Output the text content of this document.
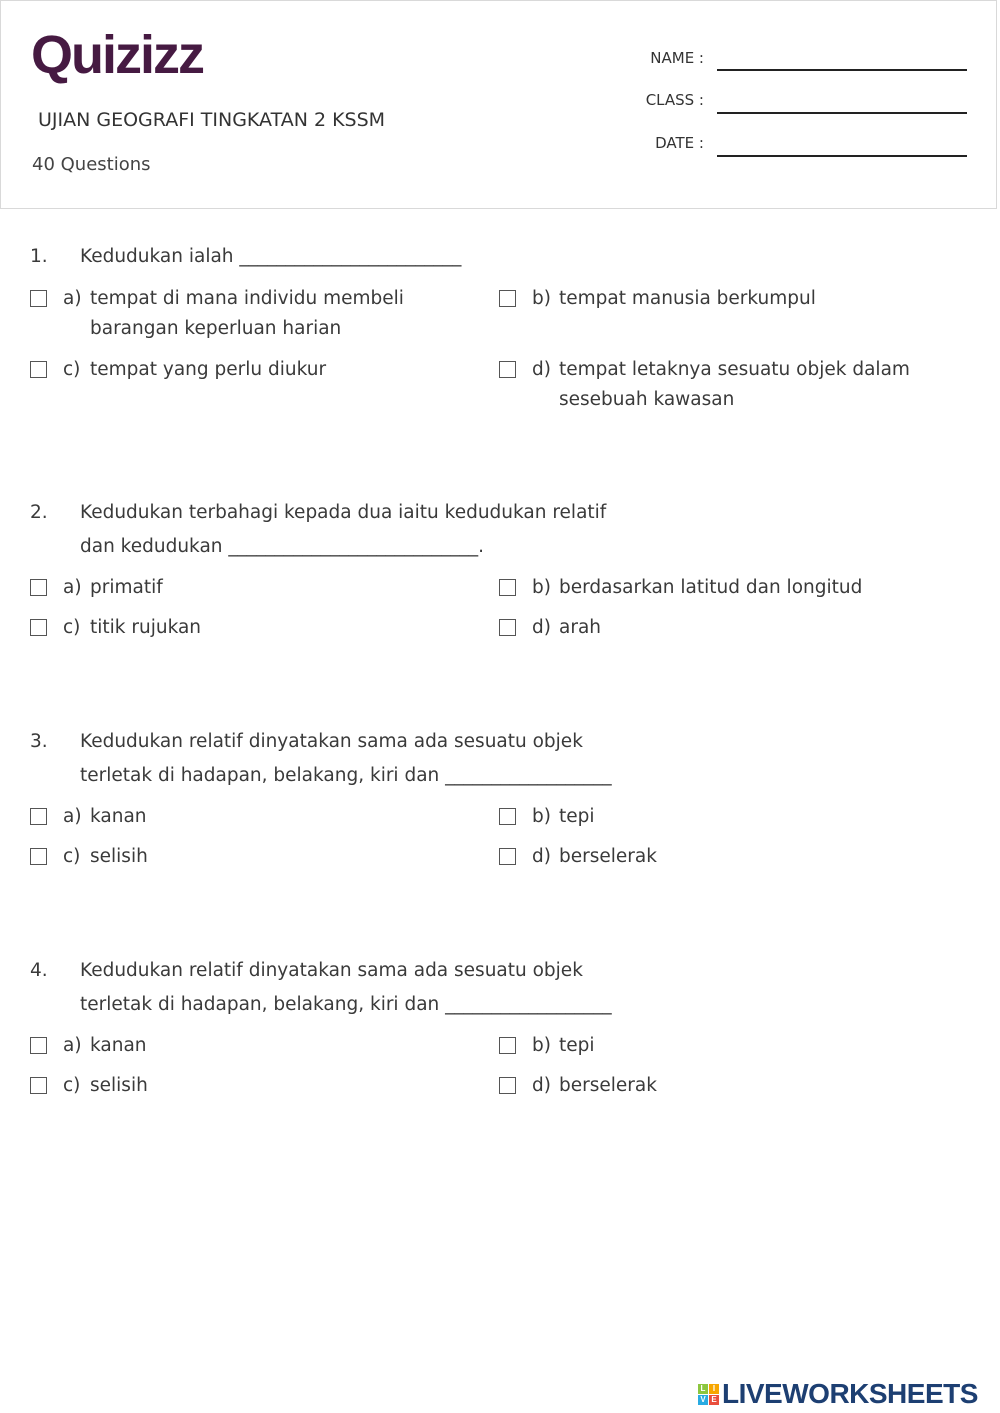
Quizizz
UJIAN GEOGRAFI TINGKATAN 2 KSSM
40 Questions
NAME :
CLASS :
DATE :
1. Kedudukan ialah ________________________
a) tempat di mana individu membeli barangan keperluan harian
b) tempat manusia berkumpul
c) tempat yang perlu diukur	d) tempat letaknya sesuatu objek dalam sesebuah kawasan
2. Kedudukan terbahagi kepada dua iaitu kedudukan relatif dan kedudukan ___________________________.
a) primatif	b) berdasarkan latitud dan longitud
c) titik rujukan	d) arah
3. Kedudukan relatif dinyatakan sama ada sesuatu objek terletak di hadapan, belakang, kiri dan __________________
a) kanan	b) tepi
c) selisih	d) berselerak
4. Kedudukan relatif dinyatakan sama ada sesuatu objek terletak di hadapan, belakang, kiri dan __________________
a) kanan	b) tepi
c) selisih	d) berselerak
L I
V E LIVEWORKSHEETS
